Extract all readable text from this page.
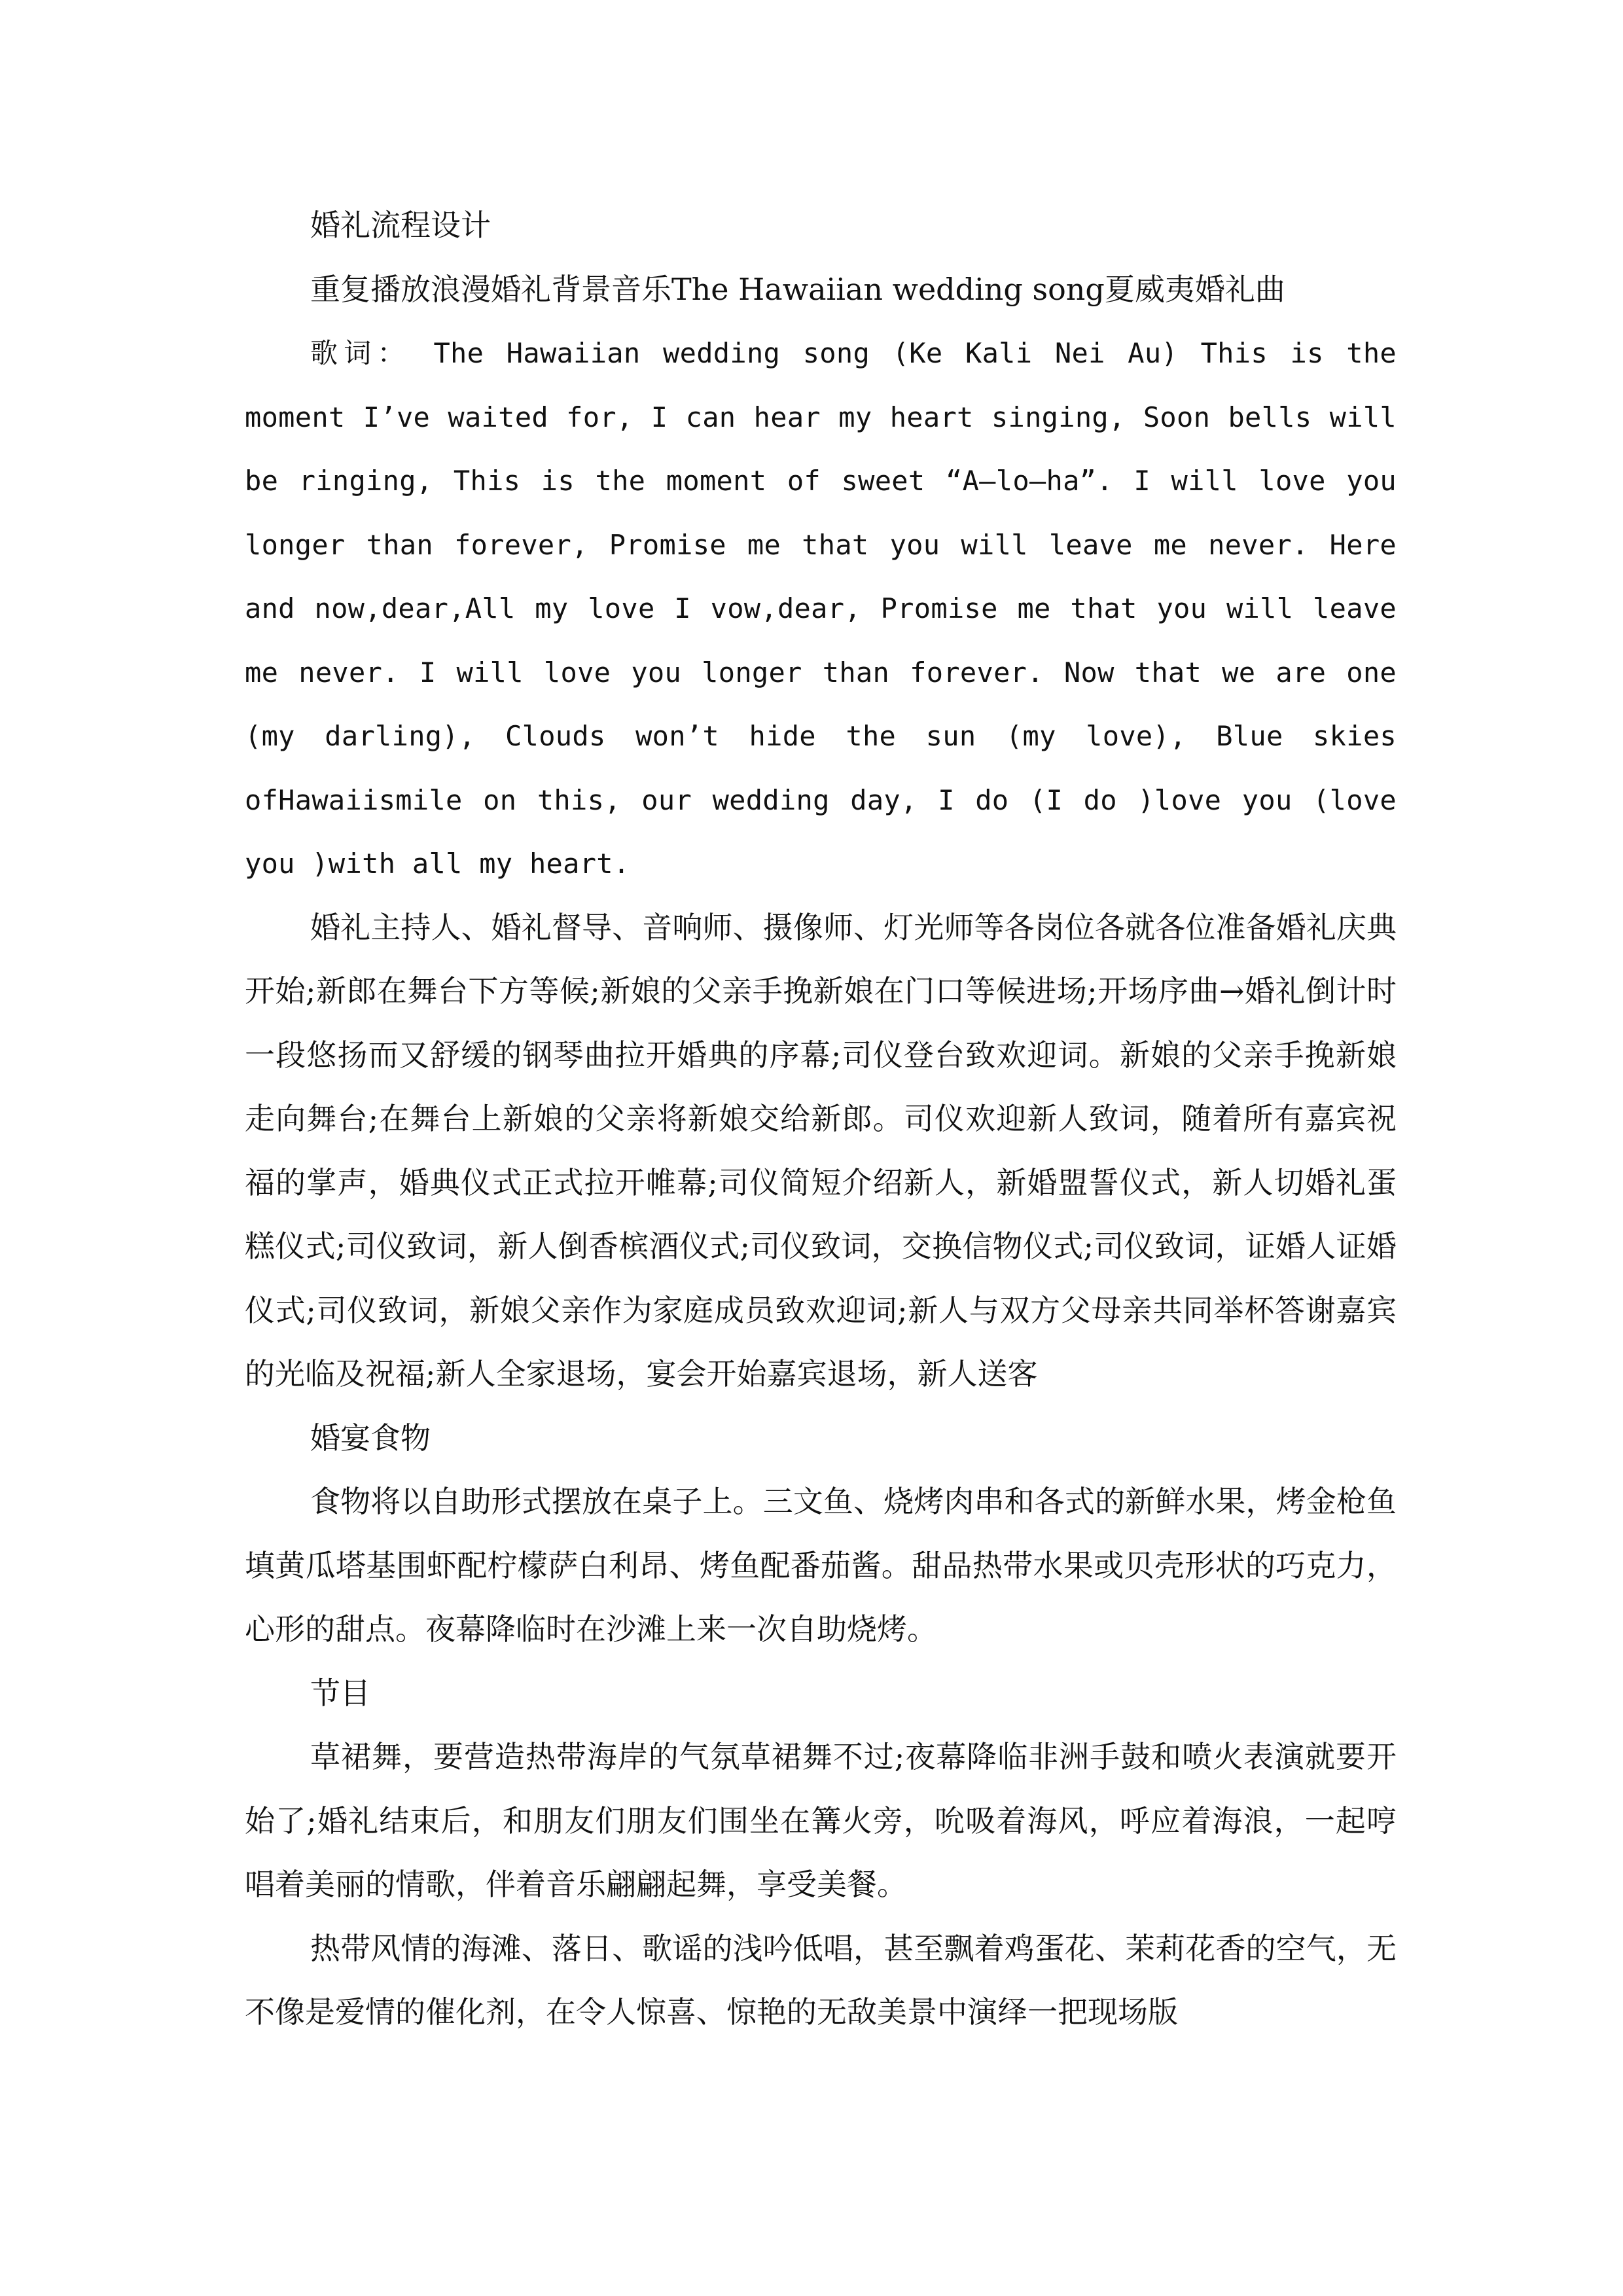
婚礼流程设计

重复播放浪漫婚礼背景音乐The Hawaiian wedding song夏威夷婚礼曲

歌词： The Hawaiian wedding song (Ke Kali Nei Au) This is the moment I’ve waited for, I can hear my heart singing, Soon bells will be ringing, This is the moment of sweet “A—lo—ha”. I will love you longer than forever, Promise me that you will leave me never. Here and now,dear,All my love I vow,dear, Promise me that you will leave me never. I will love you longer than forever. Now that we are one (my darling), Clouds won’t hide the sun (my love), Blue skies ofHawaiismile on this, our wedding day, I do (I do )love you (love you )with all my heart.

婚礼主持人、婚礼督导、音响师、摄像师、灯光师等各岗位各就各位准备婚礼庆典开始;新郎在舞台下方等候;新娘的父亲手挽新娘在门口等候进场;开场序曲→婚礼倒计时一段悠扬而又舒缓的钢琴曲拉开婚典的序幕;司仪登台致欢迎词。新娘的父亲手挽新娘走向舞台;在舞台上新娘的父亲将新娘交给新郎。司仪欢迎新人致词，随着所有嘉宾祝福的掌声，婚典仪式正式拉开帷幕;司仪简短介绍新人，新婚盟誓仪式，新人切婚礼蛋糕仪式;司仪致词，新人倒香槟酒仪式;司仪致词，交换信物仪式;司仪致词，证婚人证婚仪式;司仪致词，新娘父亲作为家庭成员致欢迎词;新人与双方父母亲共同举杯答谢嘉宾的光临及祝福;新人全家退场，宴会开始嘉宾退场，新人送客

婚宴食物

食物将以自助形式摆放在桌子上。三文鱼、烧烤肉串和各式的新鲜水果，烤金枪鱼填黄瓜塔基围虾配柠檬萨白利昂、烤鱼配番茄酱。甜品热带水果或贝壳形状的巧克力，心形的甜点。夜幕降临时在沙滩上来一次自助烧烤。

节目

草裙舞，要营造热带海岸的气氛草裙舞不过;夜幕降临非洲手鼓和喷火表演就要开始了;婚礼结束后，和朋友们朋友们围坐在篝火旁，吮吸着海风，呼应着海浪，一起哼唱着美丽的情歌，伴着音乐翩翩起舞，享受美餐。

热带风情的海滩、落日、歌谣的浅吟低唱，甚至飘着鸡蛋花、茉莉花香的空气，无不像是爱情的催化剂，在令人惊喜、惊艳的无敌美景中演绎一把现场版
